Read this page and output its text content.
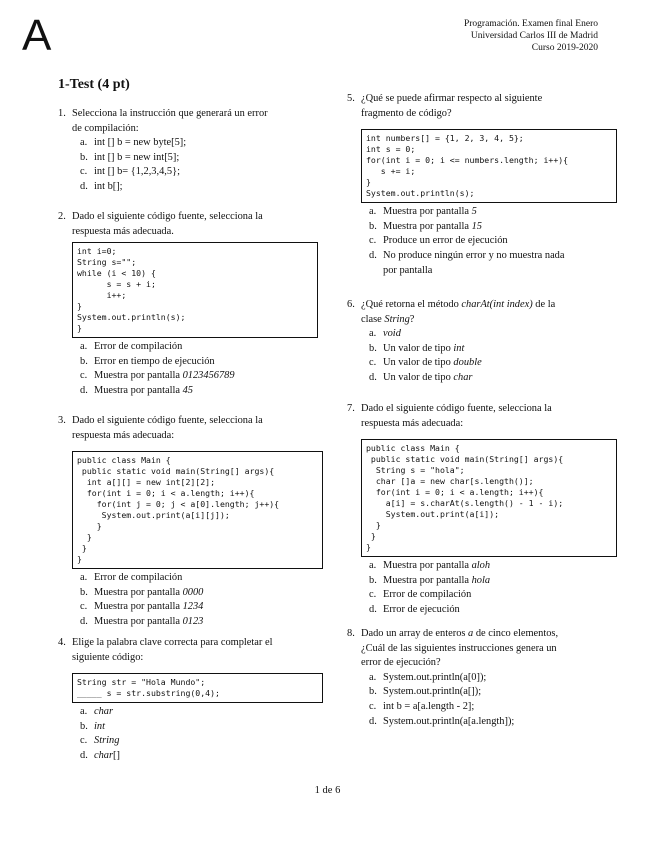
A	Programación. Examen final Enero
Universidad Carlos III de Madrid
Curso 2019-2020
1-Test (4 pt)
1. Selecciona la instrucción que generará un error
de compilación:
a. int [] b = new byte[5];
b. int [] b = new int[5];
c. int [] b= {1,2,3,4,5};
d. int b[];
2. Dado el siguiente código fuente, selecciona la
respuesta más adecuada.
int i=0;
String s="";
while (i < 10) {
s = s + i;
i++;
}
System.out.println(s);
}
a. Error de compilación
b. Error en tiempo de ejecución
c. Muestra por pantalla 0123456789
d. Muestra por pantalla 45
3. Dado el siguiente código fuente, selecciona la
respuesta más adecuada:
public class Main {
public static void main(String[] args){
int a[][] = new int[2][2];
for(int i = 0; i < a.length; i++){
for(int j = 0; j < a[0].length; j++){
System.out.print(a[i][j]);
}
}
}
}
a. Error de compilación
b. Muestra por pantalla 0000
c. Muestra por pantalla 1234
d. Muestra por pantalla 0123
4. Elige la palabra clave correcta para completar el
siguiente código:
String str = "Hola Mundo";
_____ s = str.substring(0,4);
a. char
b. int
c. String
d. char[]
5. ¿Qué se puede afirmar respecto al siguiente
fragmento de código?
int numbers[] = {1, 2, 3, 4, 5};
int s = 0;
for(int i = 0; i <= numbers.length; i++){
s += i;
}
System.out.println(s);
a. Muestra por pantalla 5
b. Muestra por pantalla 15
c. Produce un error de ejecución
d. No produce ningún error y no muestra nada
por pantalla
6. ¿Qué retorna el método charAt(int index) de la
clase String?
a. void
b. Un valor de tipo int
c. Un valor de tipo double
d. Un valor de tipo char
7. Dado el siguiente código fuente, selecciona la
respuesta más adecuada:
public class Main {
public static void main(String[] args){
String s = "hola";
char []a = new char[s.length()];
for(int i = 0; i < a.length; i++){
a[i] = s.charAt(s.length() - 1 - i);
System.out.print(a[i]);
}
}
}
a. Muestra por pantalla aloh
b. Muestra por pantalla hola
c. Error de compilación
d. Error de ejecución
8. Dado un array de enteros a de cinco elementos,
¿Cuál de las siguientes instrucciones genera un
error de ejecución?
a. System.out.println(a[0]);
b. System.out.println(a[]);
c. int b = a[a.length - 2];
d. System.out.println(a[a.length]);
1 de 6
